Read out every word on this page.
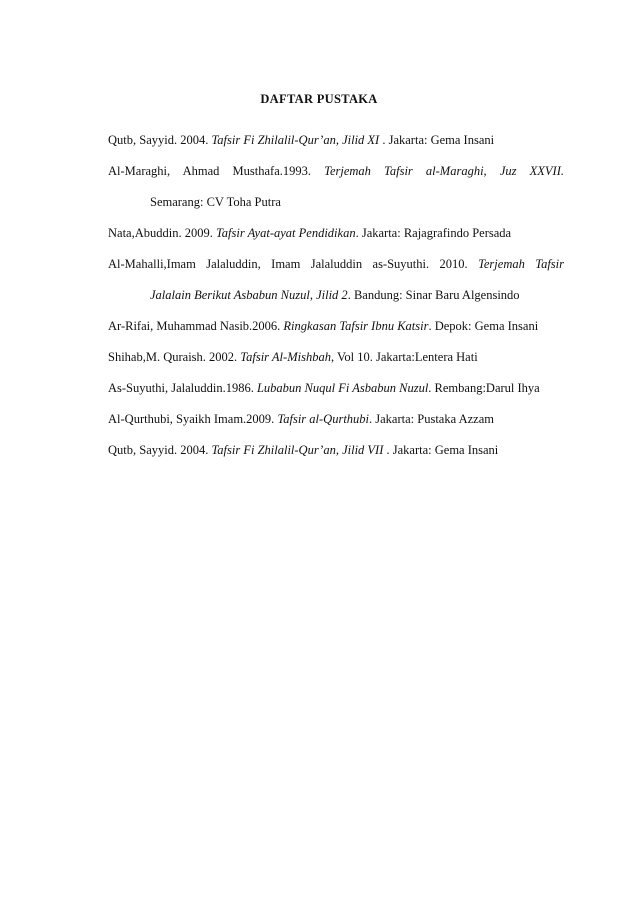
DAFTAR PUSTAKA

Qutb, Sayyid. 2004. Tafsir Fi Zhilalil-Qur’an, Jilid XI . Jakarta: Gema Insani

Al-Maraghi, Ahmad Musthafa.1993. Terjemah Tafsir al-Maraghi, Juz XXVII.
Semarang: CV Toha Putra

Nata,Abuddin. 2009. Tafsir Ayat-ayat Pendidikan. Jakarta: Rajagrafindo Persada

Al-Mahalli,Imam Jalaluddin, Imam Jalaluddin as-Suyuthi. 2010. Terjemah Tafsir
Jalalain Berikut Asbabun Nuzul, Jilid 2. Bandung: Sinar Baru Algensindo

Ar-Rifai, Muhammad Nasib.2006. Ringkasan Tafsir Ibnu Katsir. Depok: Gema Insani

Shihab,M. Quraish. 2002. Tafsir Al-Mishbah, Vol 10. Jakarta:Lentera Hati

As-Suyuthi, Jalaluddin.1986. Lubabun Nuqul Fi Asbabun Nuzul. Rembang:Darul Ihya

Al-Qurthubi, Syaikh Imam.2009. Tafsir al-Qurthubi. Jakarta: Pustaka Azzam

Qutb, Sayyid. 2004. Tafsir Fi Zhilalil-Qur’an, Jilid VII . Jakarta: Gema Insani
